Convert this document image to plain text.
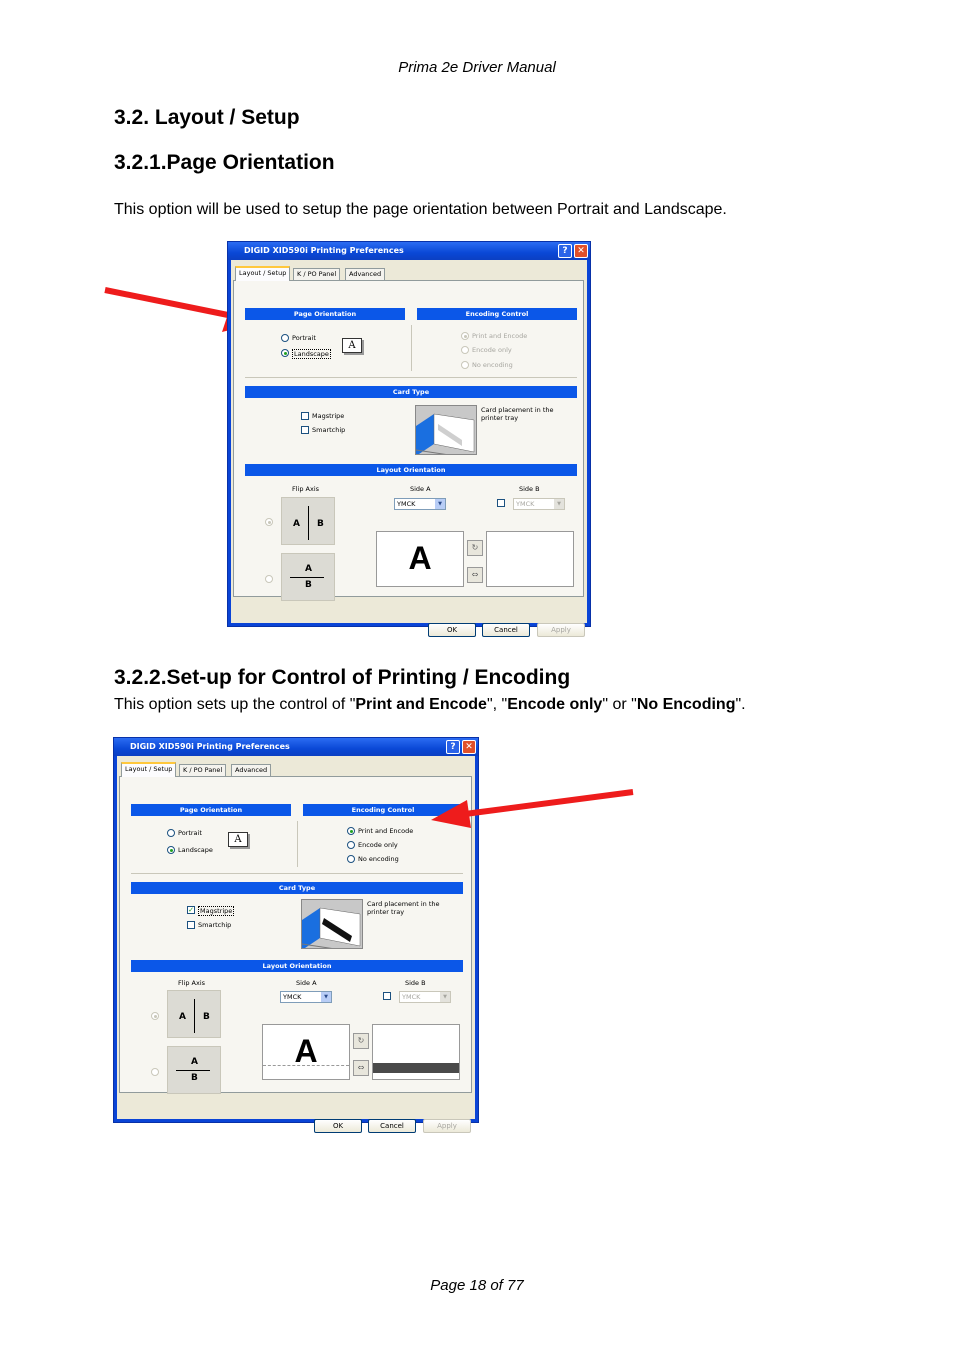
Prima 2e Driver Manual
3.2. Layout / Setup
3.2.1.Page Orientation
This option will be used to setup the page orientation between Portrait and Landscape.
DIGID XID590i Printing Preferences	?	✕
Layout / Setup	K / PO Panel	Advanced
Page Orientation	Encoding Control
Portrait
Landscape
A
Print and Encode
Encode only
No encoding
Card Type
Magstripe
Smartchip
Card placement in the printer tray
Layout Orientation
Flip Axis	Side A	Side B
A B
A
B
YMCK	▼	YMCK	▼
A	↻
⇔
OK	Cancel	Apply
3.2.2.Set-up for Control of Printing / Encoding
This option sets up the control of "Print and Encode", "Encode only" or "No Encoding".
DIGID XID590i Printing Preferences	?	✕
Layout / Setup	K / PO Panel	Advanced
Page Orientation	Encoding Control
Portrait
Landscape
A
Print and Encode
Encode only
No encoding
Card Type
✓ Magstripe
Smartchip
Card placement in the printer tray
Layout Orientation
Flip Axis	Side A	Side B
A B
A
B
YMCK	▼	YMCK	▼
A	↻
⇔
OK	Cancel	Apply
Page 18 of 77
